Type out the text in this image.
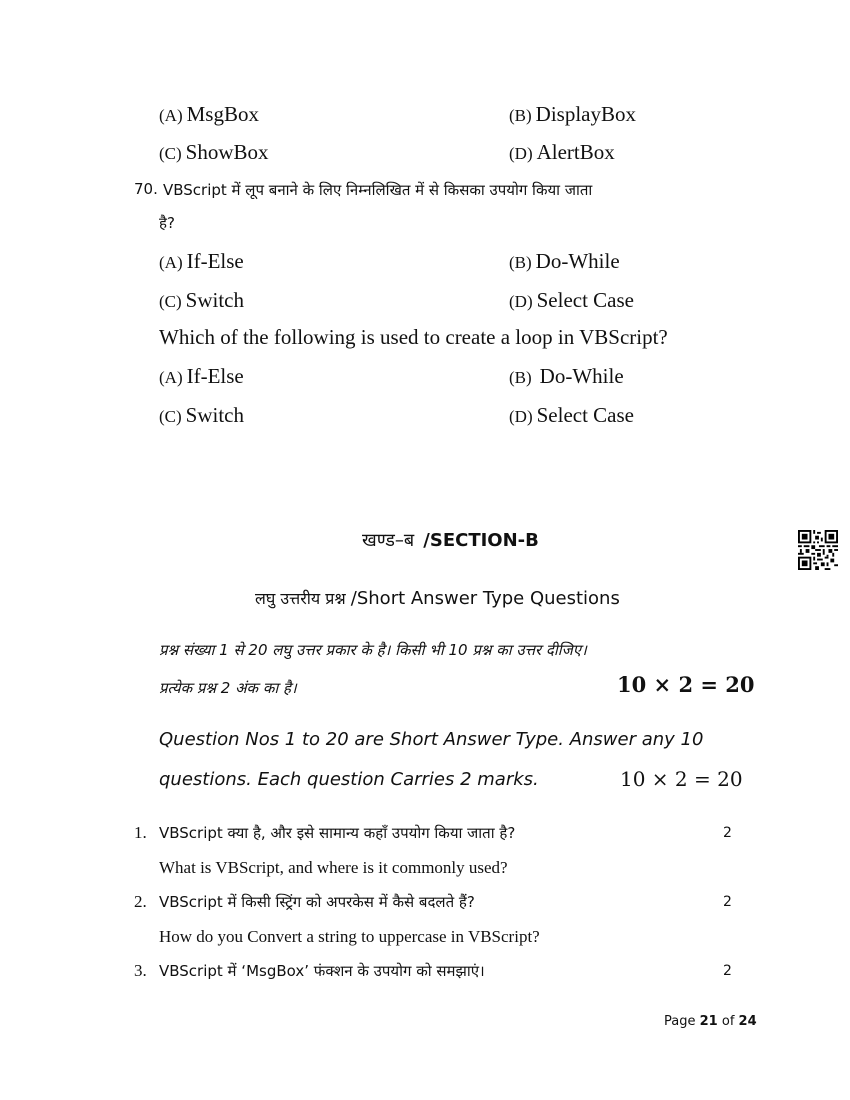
(A) MsgBox	(B) DisplayBox
(C) ShowBox	(D) AlertBox
70. VBScript में लूप बनाने के लिए निम्नलिखित में से किसका उपयोग किया जाता
है?
(A) If-Else	(B) Do-While
(C) Switch	(D) Select Case
Which of the following is used to create a loop in VBScript?
(A) If-Else	(B) Do-While
(C) Switch	(D) Select Case
खण्ड–ब /SECTION-B
लघु उत्तरीय प्रश्न /Short Answer Type Questions
प्रश्न संख्या 1 से 20 लघु उत्तर प्रकार के है। किसी भी 10 प्रश्न का उत्तर दीजिए।
प्रत्येक प्रश्न 2 अंक का है।	10 × 2 = 20
Question Nos 1 to 20 are Short Answer Type. Answer any 10
questions. Each question Carries 2 marks.	10 × 2 = 20
1. VBScript क्या है, और इसे सामान्य कहाँ उपयोग किया जाता है?	2
What is VBScript, and where is it commonly used?
2. VBScript में किसी स्ट्रिंग को अपरकेस में कैसे बदलते हैं?	2
How do you Convert a string to uppercase in VBScript?
3. VBScript में ‘MsgBox’ फंक्शन के उपयोग को समझाएं।	2
Page 21 of 24
